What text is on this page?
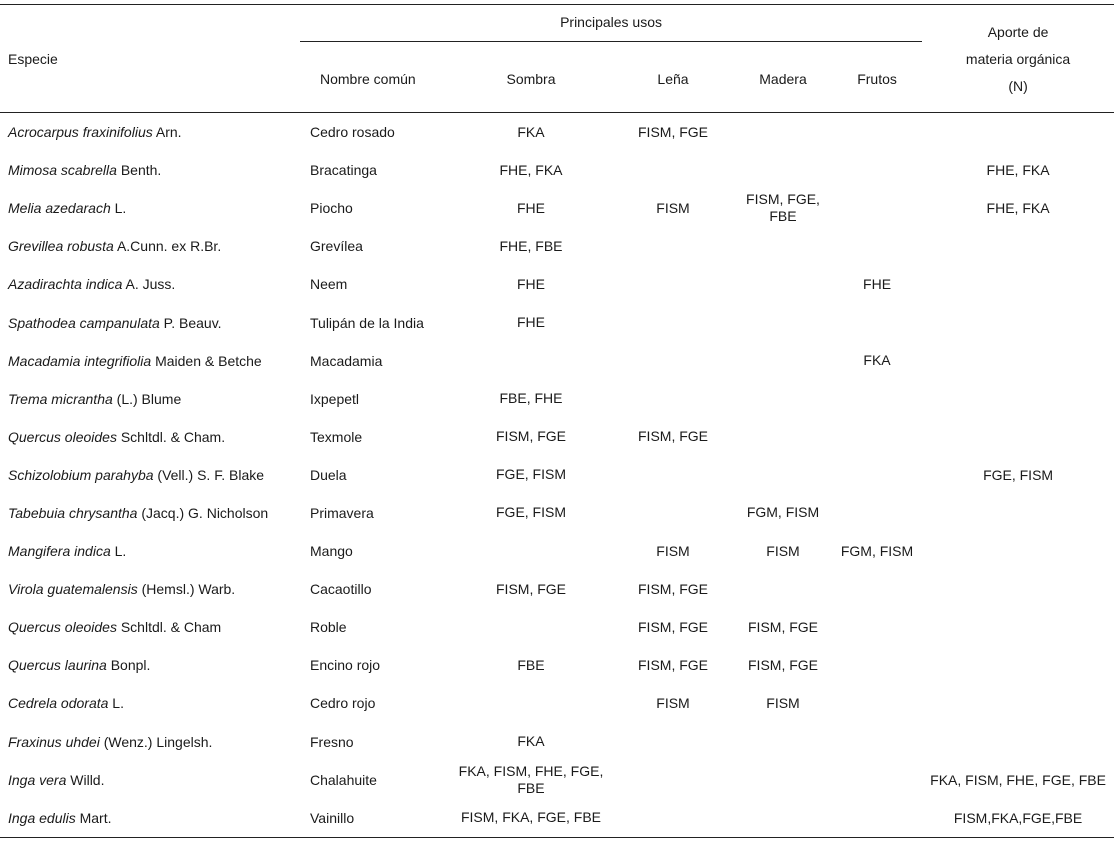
Especie	Principales usos					Aporte de
materia orgánica
(N)

	Nombre común	Sombra	Leña	Madera	Frutos	
Acrocarpus fraxinifolius Arn.	Cedro rosado	FKA	FISM, FGE			
Mimosa scabrella Benth.	Bracatinga	FHE, FKA				FHE, FKA
Melia azedarach L.	Piocho	FHE	FISM	FISM, FGE, FBE		FHE, FKA
Grevillea robusta A.Cunn. ex R.Br.	Grevílea	FHE, FBE				
Azadirachta indica A. Juss.	Neem	FHE			FHE	
Spathodea campanulata P. Beauv.	Tulipán de la India	FHE				
Macadamia integrifiolia Maiden & Betche	Macadamia				FKA	
Trema micrantha (L.) Blume	Ixpepetl	FBE, FHE				
Quercus oleoides Schltdl. & Cham.	Texmole	FISM, FGE	FISM, FGE			
Schizolobium parahyba (Vell.) S. F. Blake	Duela	FGE, FISM				FGE, FISM
Tabebuia chrysantha (Jacq.) G. Nicholson	Primavera	FGE, FISM		FGM, FISM		
Mangifera indica L.	Mango		FISM	FISM	FGM, FISM	
Virola guatemalensis (Hemsl.) Warb.	Cacaotillo	FISM, FGE	FISM, FGE			
Quercus oleoides Schltdl. & Cham	Roble		FISM, FGE	FISM, FGE		
Quercus laurina Bonpl.	Encino rojo	FBE	FISM, FGE	FISM, FGE		
Cedrela odorata L.	Cedro rojo		FISM	FISM		
Fraxinus uhdei (Wenz.) Lingelsh.	Fresno	FKA				
Inga vera Willd.	Chalahuite	FKA, FISM, FHE, FGE, FBE				FKA, FISM, FHE, FGE, FBE
Inga edulis Mart.	Vainillo	FISM, FKA, FGE, FBE				FISM,FKA,FGE,FBE
